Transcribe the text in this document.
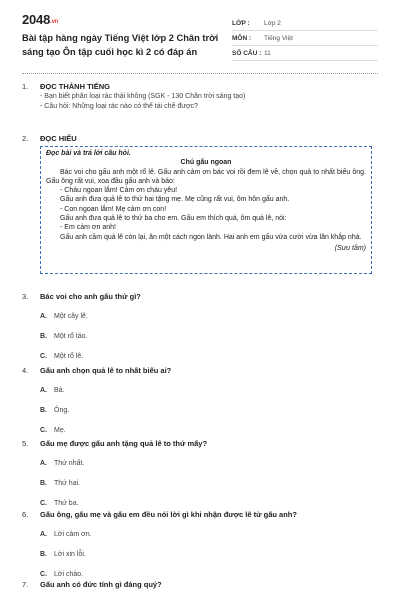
2048.vn
Bài tập hàng ngày Tiếng Việt lớp 2 Chân trời sáng tạo Ôn tập cuối học kì 2 có đáp án
LỚP :	Lớp 2
MÔN :	Tiếng Việt
SỐ CÂU : 11
1.	ĐỌC THÀNH TIẾNG
- Bạn biết phân loại rác thải không (SGK - 130 Chân trời sáng tạo)
- Câu hỏi: Những loại rác nào có thể tái chế được?
2.	ĐỌC HIỂU
Đọc bài và trả lời câu hỏi.
Chú gấu ngoan

Bác voi cho gấu anh một rổ lê. Gấu anh cảm ơn bác voi rồi đem lê về, chọn quả to nhất biếu ông. Gấu ông rất vui, xoa đầu gấu anh và bảo:

- Cháu ngoan lắm! Cảm ơn cháu yêu!

Gấu anh đưa quả lê to thứ hai tặng mẹ. Mẹ cũng rất vui, ôm hôn gấu anh.

- Con ngoan lắm! Mẹ cảm ơn con!

Gấu anh đưa quả lê to thứ ba cho em. Gấu em thích quá, ôm quả lê, nói:

- Em cảm ơn anh!

Gấu anh cầm quả lê còn lại, ăn một cách ngon lành. Hai anh em gấu vừa cười vừa lăn khắp nhà.

(Sưu tầm)
3.	Bác voi cho anh gấu thứ gì?
A. Một cây lê.
B. Một rổ táo.
C. Một rổ lê.
4.	Gấu anh chọn quả lê to nhất biếu ai?
A. Bà.
B. Ông.
C. Mẹ.
5.	Gấu mẹ được gấu anh tặng quả lê to thứ mấy?
A. Thứ nhất.
B. Thứ hai.
C. Thứ ba.
6.	Gấu ông, gấu mẹ và gấu em đều nói lời gì khi nhận được lê từ gấu anh?
A. Lời cảm ơn.
B. Lời xin lỗi.
C. Lời chào.
7.	Gấu anh có đức tính gì đáng quý?
